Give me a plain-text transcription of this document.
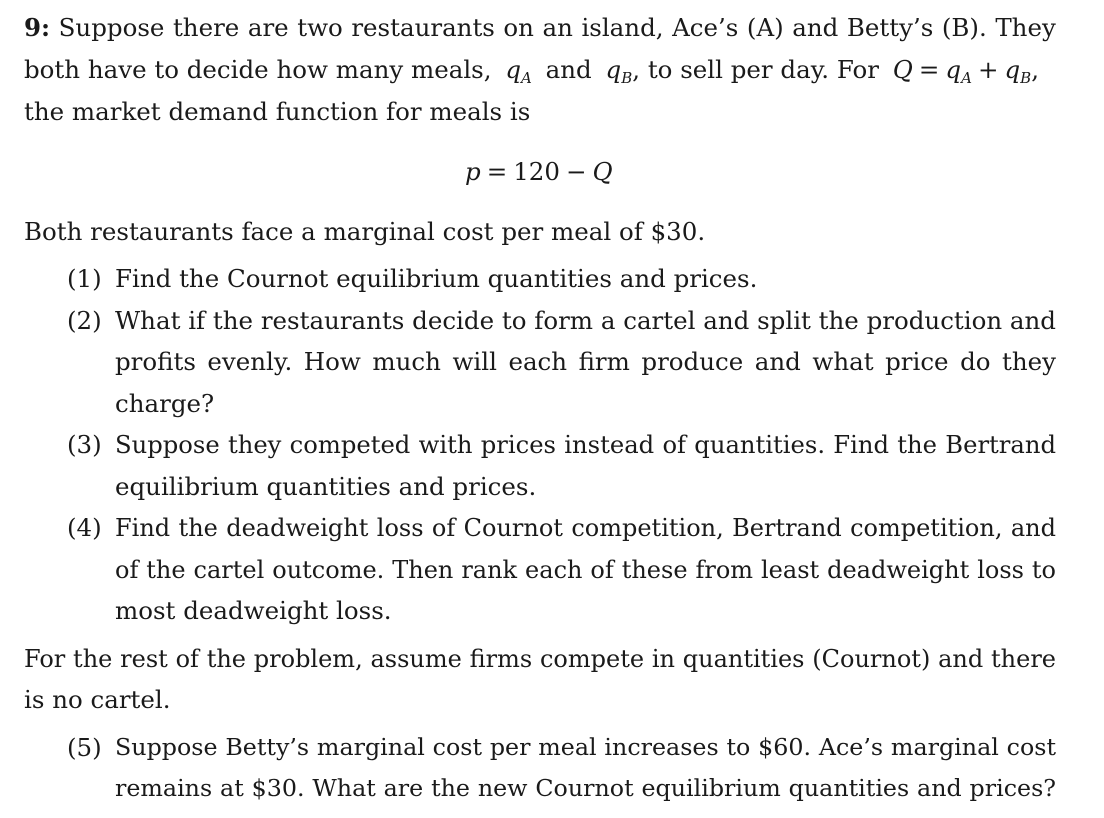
9: Suppose there are two restaurants on an island, Ace’s (A) and Betty’s (B). They
both have to decide how many meals, $q_A$ and $q_B$, to sell per day. For $Q = q_A + q_B$,
the market demand function for meals is
p = 120 − Q
Both restaurants face a marginal cost per meal of $30.
(1) Find the Cournot equilibrium quantities and prices.
(2) What if the restaurants decide to form a cartel and split the production and
profits evenly. How much will each firm produce and what price do they
charge?
(3) Suppose they competed with prices instead of quantities. Find the Bertrand
equilibrium quantities and prices.
(4) Find the deadweight loss of Cournot competition, Bertrand competition, and
of the cartel outcome. Then rank each of these from least deadweight loss to
most deadweight loss.
For the rest of the problem, assume firms compete in quantities (Cournot) and there
is no cartel.
(5) Suppose Betty’s marginal cost per meal increases to $60. Ace’s marginal cost
remains at $30. What are the new Cournot equilibrium quantities and prices?
